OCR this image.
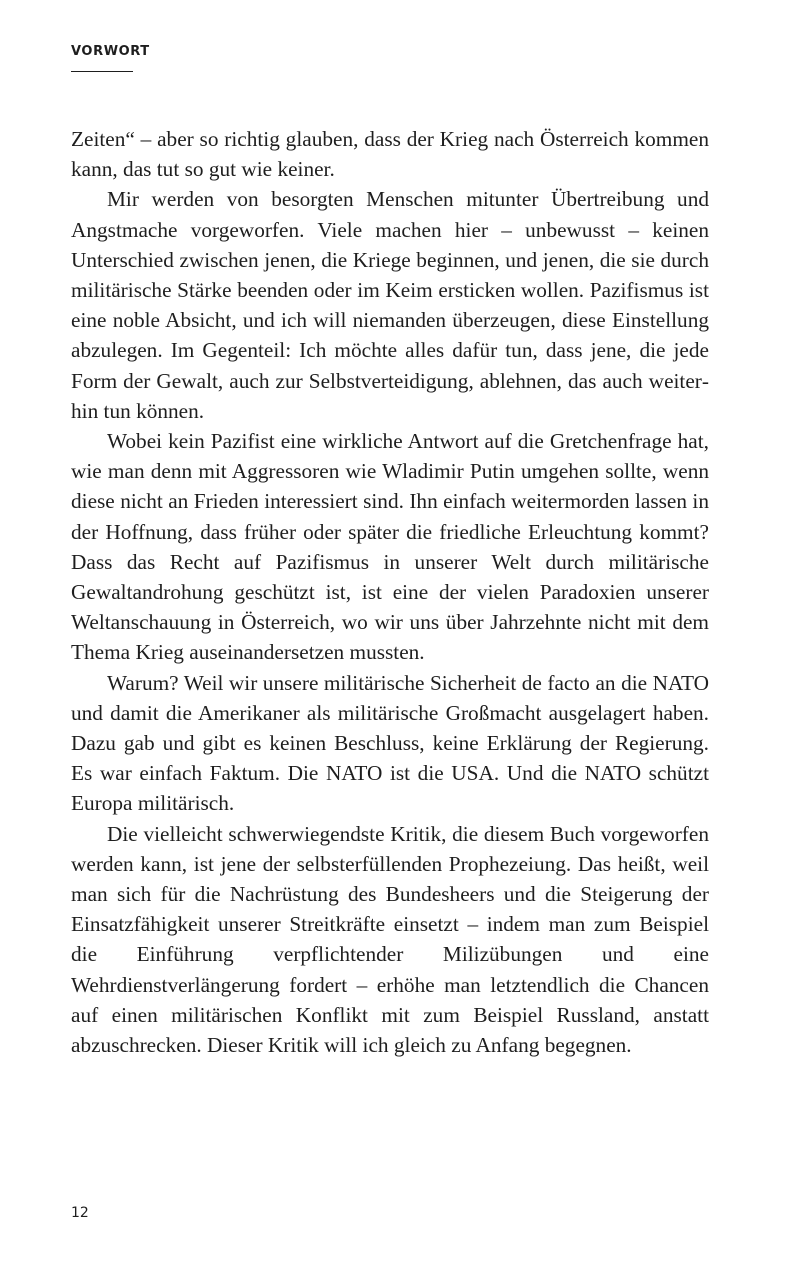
VORWORT

Zeiten“ – aber so richtig glauben, dass der Krieg nach Österreich kommen kann, das tut so gut wie keiner.

Mir werden von besorgten Menschen mitunter Übertreibung und Angstmache vorgeworfen. Viele machen hier – unbewusst – keinen Unterschied zwischen jenen, die Kriege beginnen, und jenen, die sie durch militärische Stärke beenden oder im Keim ersticken wollen. Pazifismus ist eine noble Absicht, und ich will niemanden überzeugen, diese Einstellung abzulegen. Im Gegenteil: Ich möchte alles dafür tun, dass jene, die jede Form der Gewalt, auch zur Selbstverteidigung, ablehnen, das auch weiterhin tun können.

Wobei kein Pazifist eine wirkliche Antwort auf die Gretchenfrage hat, wie man denn mit Aggressoren wie Wladimir Putin umgehen sollte, wenn diese nicht an Frieden interessiert sind. Ihn einfach weitermorden lassen in der Hoffnung, dass früher oder später die friedliche Erleuchtung kommt? Dass das Recht auf Pazifismus in unserer Welt durch militärische Gewaltandrohung geschützt ist, ist eine der vielen Paradoxien unserer Weltanschauung in Österreich, wo wir uns über Jahrzehnte nicht mit dem Thema Krieg auseinandersetzen mussten.

Warum? Weil wir unsere militärische Sicherheit de facto an die NATO und damit die Amerikaner als militärische Großmacht ausgelagert haben. Dazu gab und gibt es keinen Beschluss, keine Erklärung der Regierung. Es war einfach Faktum. Die NATO ist die USA. Und die NATO schützt Europa militärisch.

Die vielleicht schwerwiegendste Kritik, die diesem Buch vorgeworfen werden kann, ist jene der selbsterfüllenden Prophezeiung. Das heißt, weil man sich für die Nachrüstung des Bundesheers und die Steigerung der Einsatzfähigkeit unserer Streitkräfte einsetzt – indem man zum Beispiel die Einführung verpflichtender Milizübungen und eine Wehrdienstverlängerung fordert – erhöhe man letztendlich die Chancen auf einen militärischen Konflikt mit zum Beispiel Russland, anstatt abzuschrecken. Dieser Kritik will ich gleich zu Anfang begegnen.

12
